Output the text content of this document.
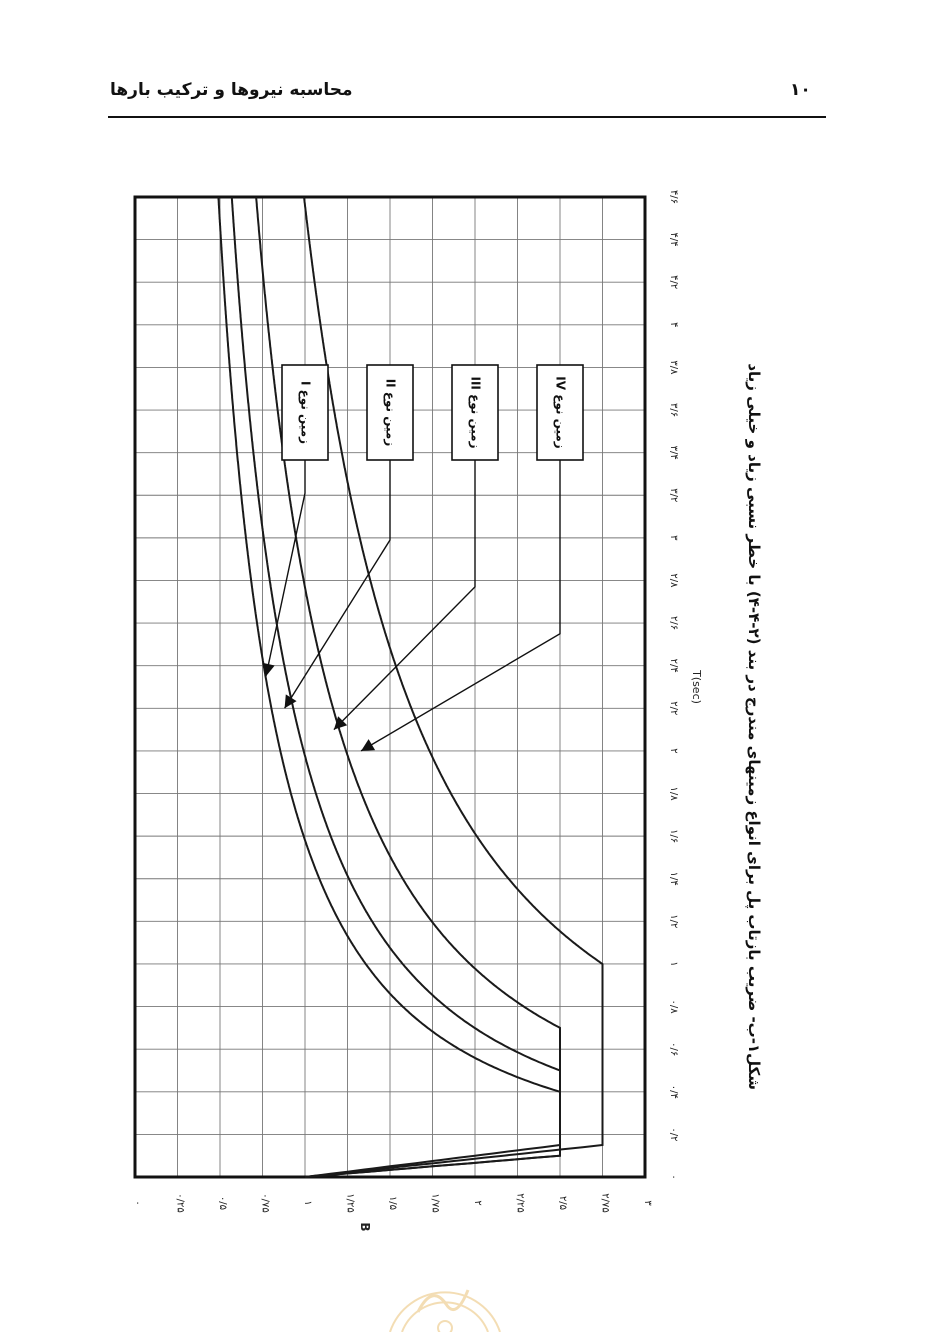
محاسبه نیروها و ترکیب بارها	۱۰
۰	۰/۲۵	۰/۵	۰/۷۵	۱	۱/۲۵	۱/۵	۱/۷۵	۲	۲/۲۵	۲/۵	۲/۷۵	۳
۰
۰/۲
۰/۴
۰/۶
۰/۸
۱
۱/۲
۱/۴
۱/۶
۱/۸
۲
۲/۲
۲/۴
۲/۶
۲/۸
۳
۳/۲
۳/۴
۳/۶
۳/۸
۴
۴/۲
۴/۴
۴/۶
T(sec)
B
زمین نوع I
زمین نوع II
زمین نوع III
زمین نوع IV	شکل۱-ب- ضریب بازتاب پل برای انواع زمینهای مندرج در بند (۲-۴-۴) با خطر نسبی زیاد و خیلی زیاد
